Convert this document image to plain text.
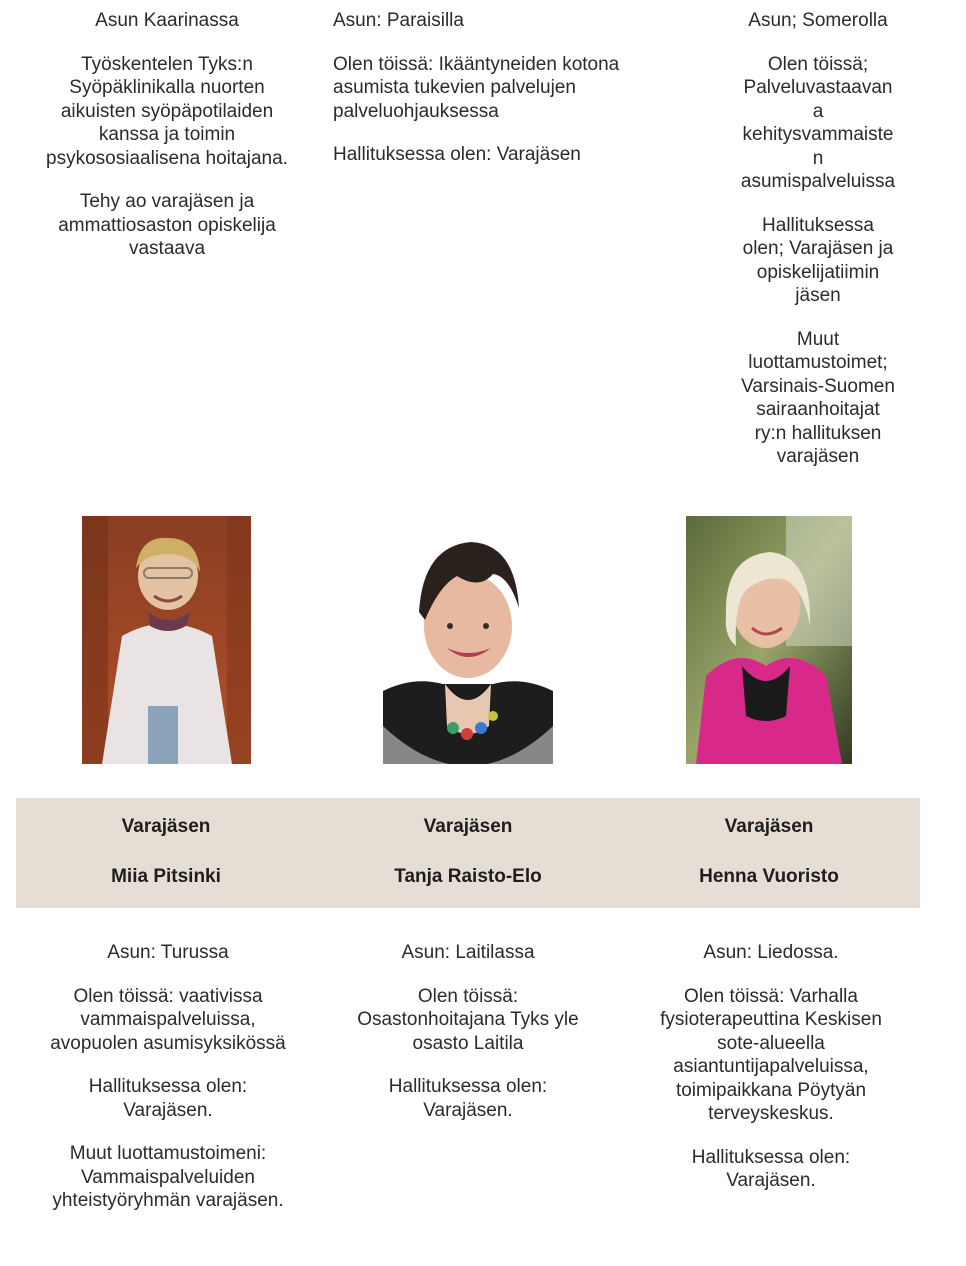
Asun Kaarinassa

Työskentelen Tyks:n
Syöpäklinikalla nuorten
aikuisten syöpäpotilaiden
kanssa ja toimin
psykososiaalisena hoitajana.

Tehy ao varajäsen ja
ammattiosaston opiskelija
vastaava

Asun: Paraisilla

Olen töissä: Ikääntyneiden kotona
asumista tukevien palvelujen
palveluohjauksessa

Hallituksessa olen: Varajäsen

Asun; Somerolla

Olen töissä;
Palveluvastaavan
a
kehitysvammaiste
n
asumispalveluissa

Hallituksessa
olen; Varajäsen ja
opiskelijatiimin
jäsen

Muut
luottamustoimet;
Varsinais-Suomen
sairaanhoitajat
ry:n hallituksen
varajäsen

Varajäsen
Miia Pitsinki
Varajäsen
Tanja Raisto-Elo
Varajäsen
Henna Vuoristo

Asun: Turussa

Olen töissä: vaativissa
vammaispalveluissa,
avopuolen asumisyksikössä

Hallituksessa olen:
Varajäsen.

Muut luottamustoimeni:
Vammaispalveluiden
yhteistyöryhmän varajäsen.

Asun: Laitilassa

Olen töissä:
Osastonhoitajana Tyks yle
osasto Laitila

Hallituksessa olen:
Varajäsen.

Asun: Liedossa.

Olen töissä: Varhalla
fysioterapeuttina Keskisen
sote-alueella
asiantuntijapalveluissa,
toimipaikkana Pöytyän
terveyskeskus.

Hallituksessa olen:
Varajäsen.
